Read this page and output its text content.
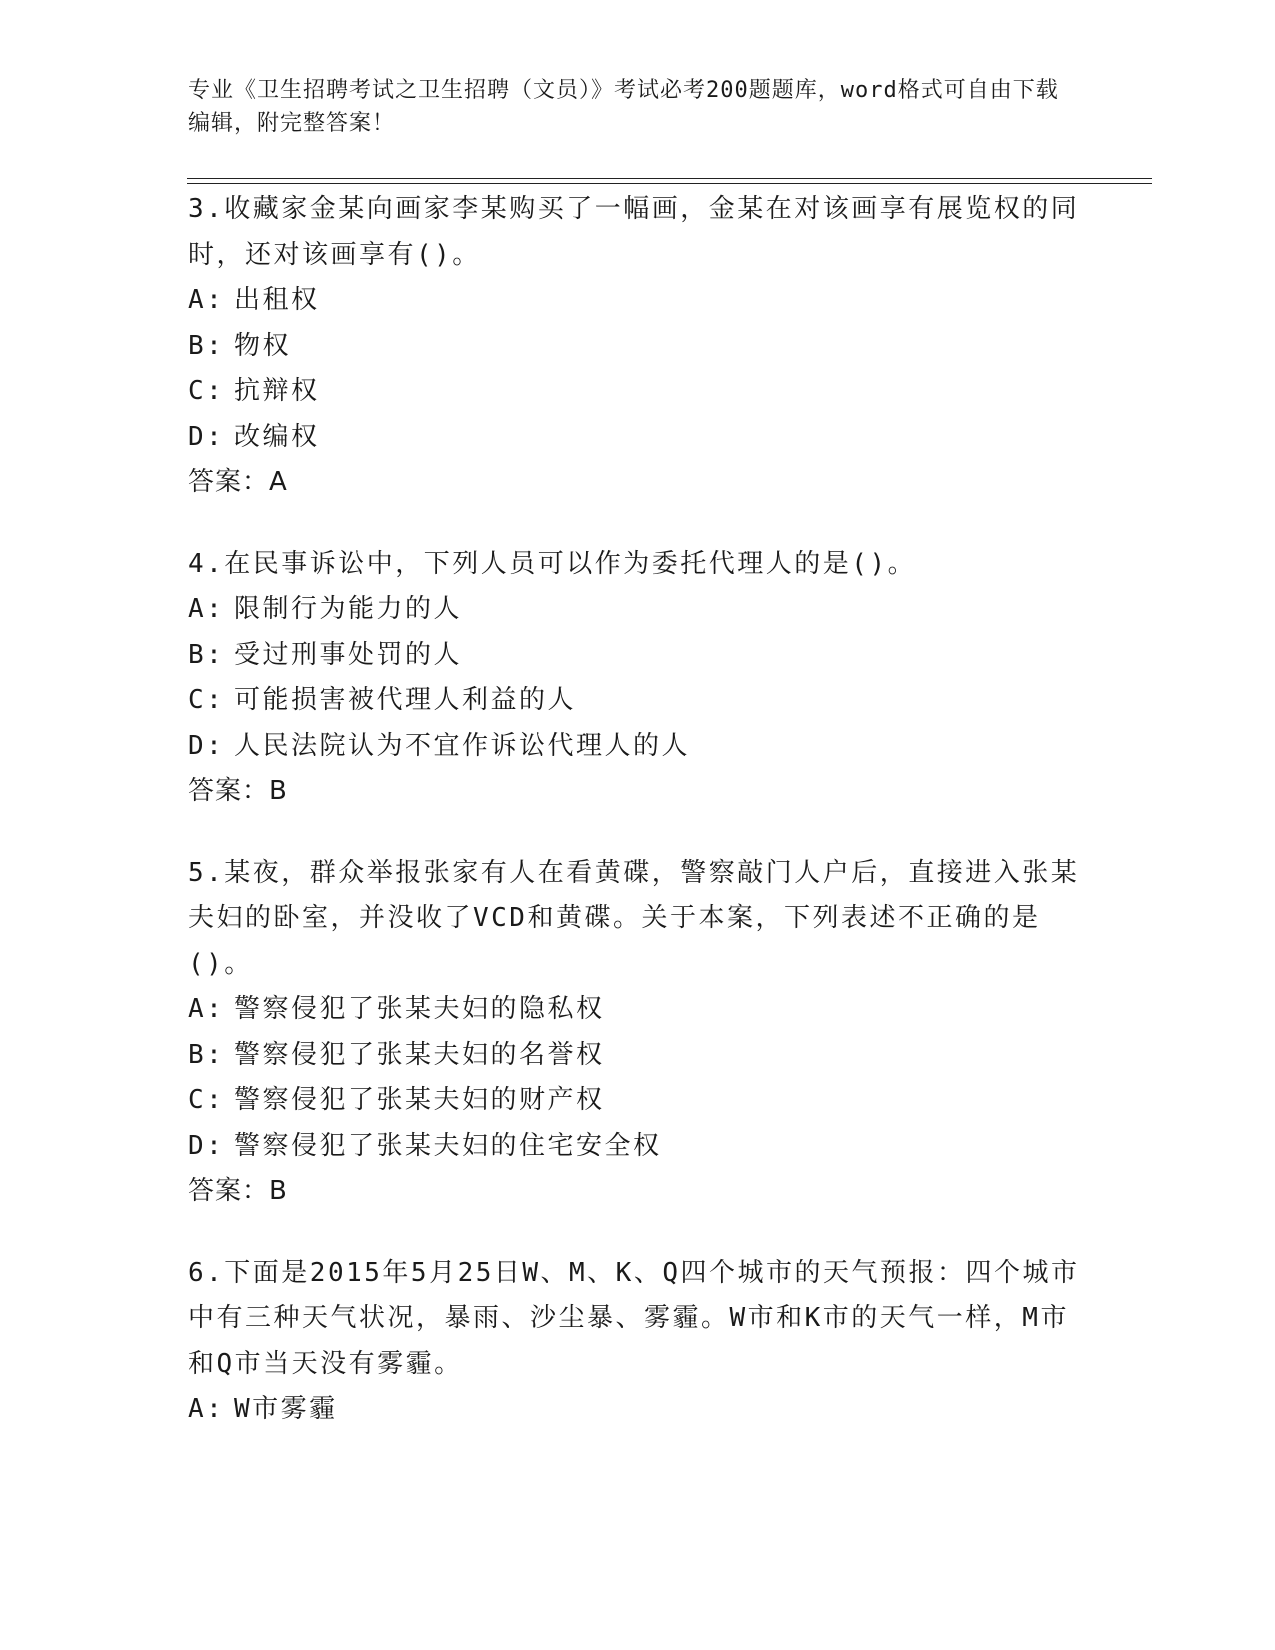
专业《卫生招聘考试之卫生招聘（文员）》考试必考200题题库，word格式可自由下载编辑，附完整答案！

3.收藏家金某向画家李某购买了一幅画，金某在对该画享有展览权的同时，还对该画享有()。

A: 出租权

B: 物权

C: 抗辩权

D: 改编权

答案：A

4.在民事诉讼中，下列人员可以作为委托代理人的是()。

A: 限制行为能力的人

B: 受过刑事处罚的人

C: 可能损害被代理人利益的人

D: 人民法院认为不宜作诉讼代理人的人

答案：B

5.某夜，群众举报张家有人在看黄碟，警察敲门人户后，直接进入张某夫妇的卧室，并没收了VCD和黄碟。关于本案，下列表述不正确的是()。

A: 警察侵犯了张某夫妇的隐私权

B: 警察侵犯了张某夫妇的名誉权

C: 警察侵犯了张某夫妇的财产权

D: 警察侵犯了张某夫妇的住宅安全权

答案：B

6.下面是2015年5月25日W、M、K、Q四个城市的天气预报：四个城市中有三种天气状况，暴雨、沙尘暴、雾霾。W市和K市的天气一样，M市和Q市当天没有雾霾。

A: W市雾霾
